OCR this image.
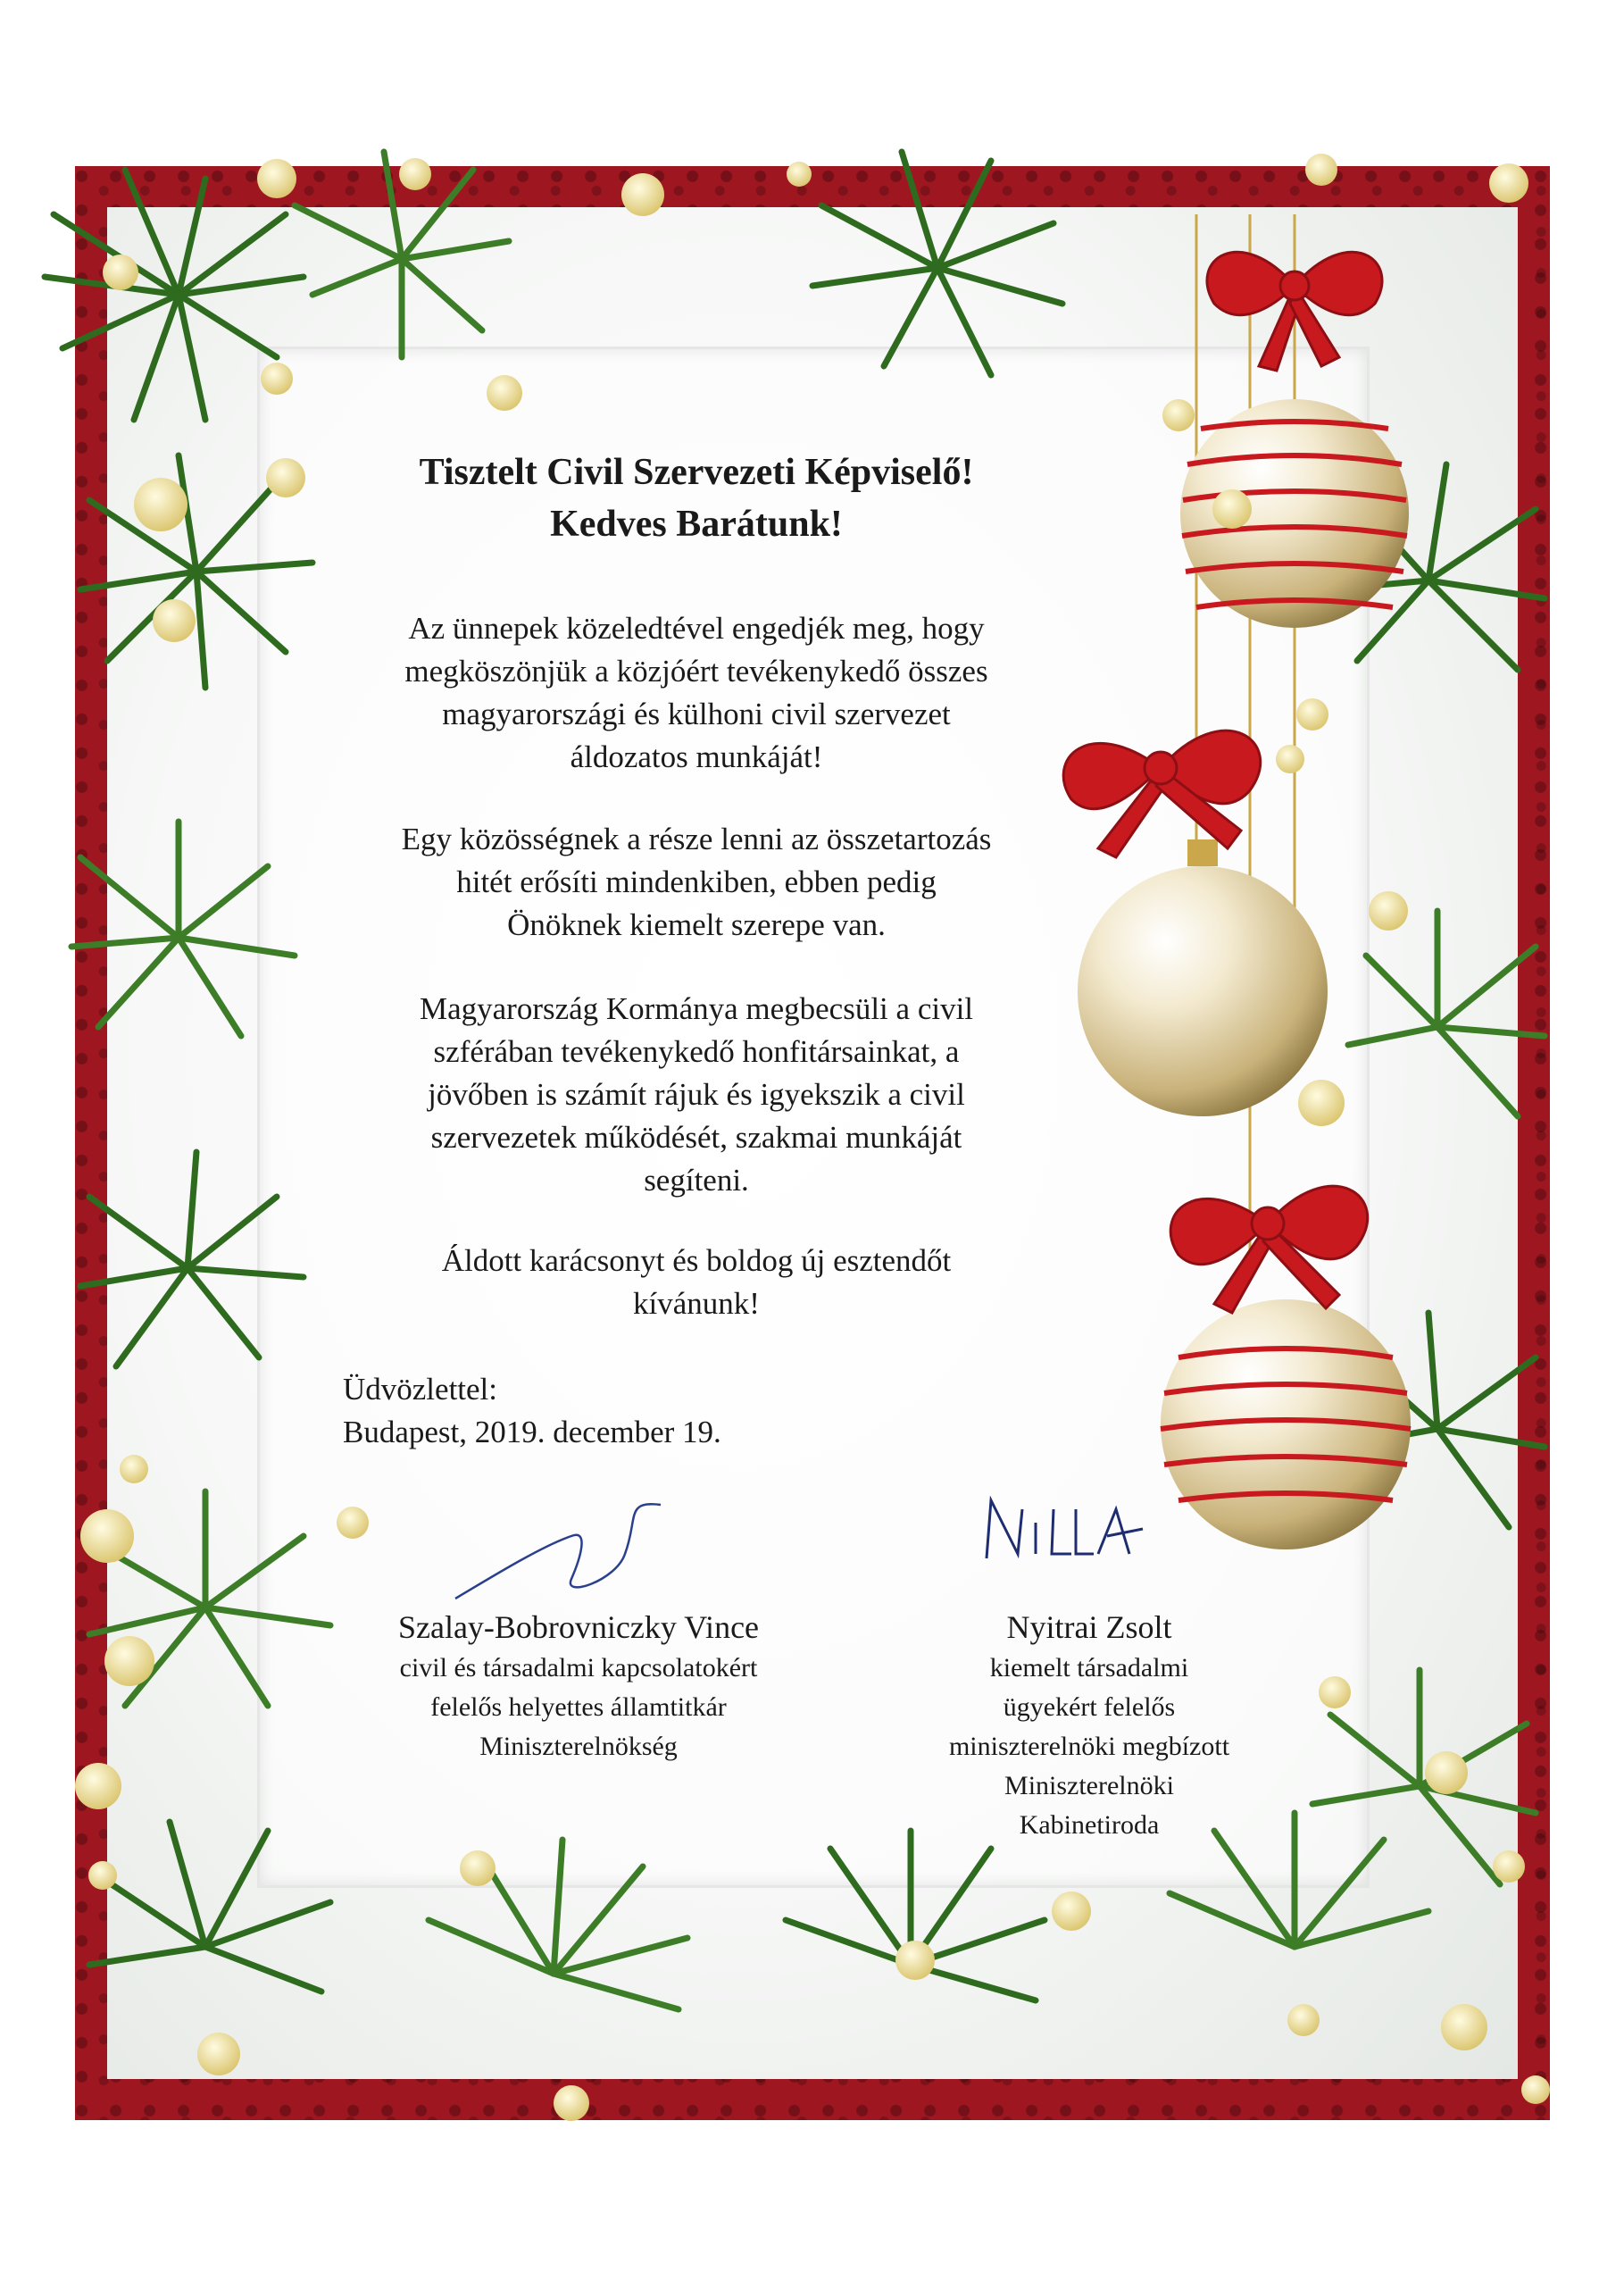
Tisztelt Civil Szervezeti Képviselő!
Kedves Barátunk!
Az ünnepek közeledtével engedjék meg, hogy
megköszönjük a közjóért tevékenykedő összes
magyarországi és külhoni civil szervezet
áldozatos munkáját!
Egy közösségnek a része lenni az összetartozás
hitét erősíti mindenkiben, ebben pedig
Önöknek kiemelt szerepe van.
Magyarország Kormánya megbecsüli a civil
szférában tevékenykedő honfitársainkat, a
jövőben is számít rájuk és igyekszik a civil
szervezetek működését, szakmai munkáját
segíteni.
Áldott karácsonyt és boldog új esztendőt
kívánunk!
Üdvözlettel:
Budapest, 2019. december 19.
Szalay-Bobrovniczky Vince
civil és társadalmi kapcsolatokért
felelős helyettes államtitkár
Miniszterelnökség
Nyitrai Zsolt
kiemelt társadalmi
ügyekért felelős
miniszterelnöki megbízott
Miniszterelnöki
Kabinetiroda
